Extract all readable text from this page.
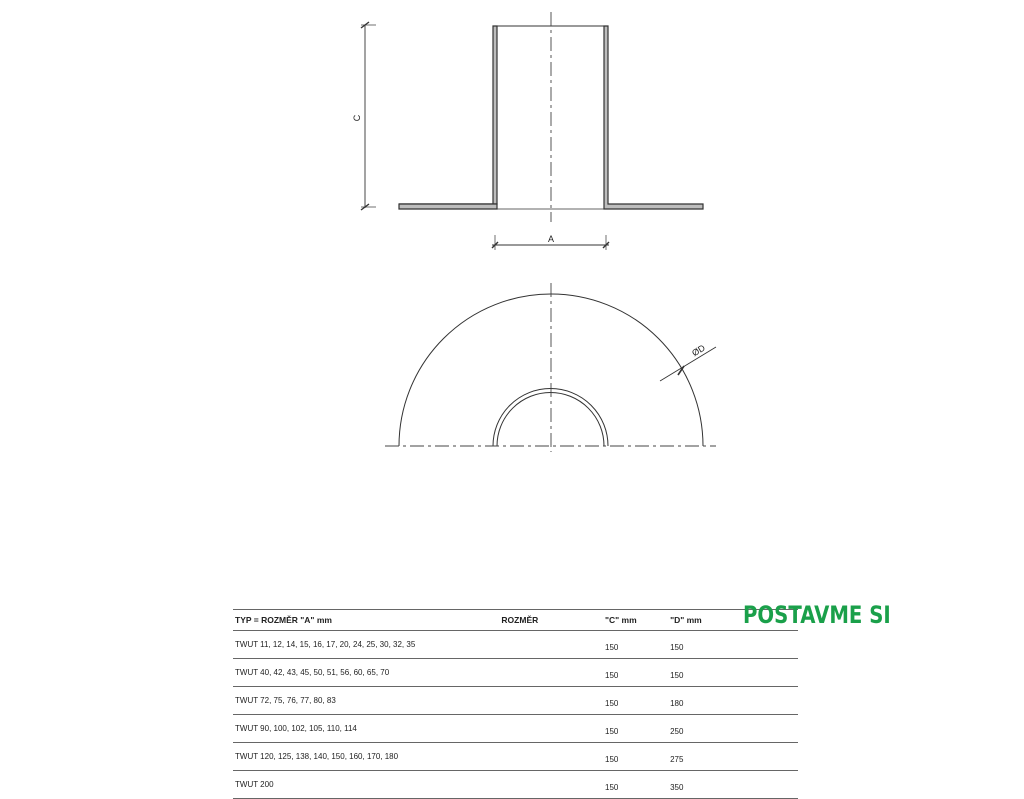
C
A
ØD
TYP = ROZMĚR "A" mm	ROZMĚR	"C" mm	"D" mm
TWUT 11, 12, 14, 15, 16, 17, 20, 24, 25, 30, 32, 35		150	150
TWUT 40, 42, 43, 45, 50, 51, 56, 60, 65, 70		150	150
TWUT 72, 75, 76, 77, 80, 83		150	180
TWUT 90, 100, 102, 105, 110, 114		150	250
TWUT 120, 125, 138, 140, 150, 160, 170, 180		150	275
TWUT 200		150	350
POSTAVME SI
